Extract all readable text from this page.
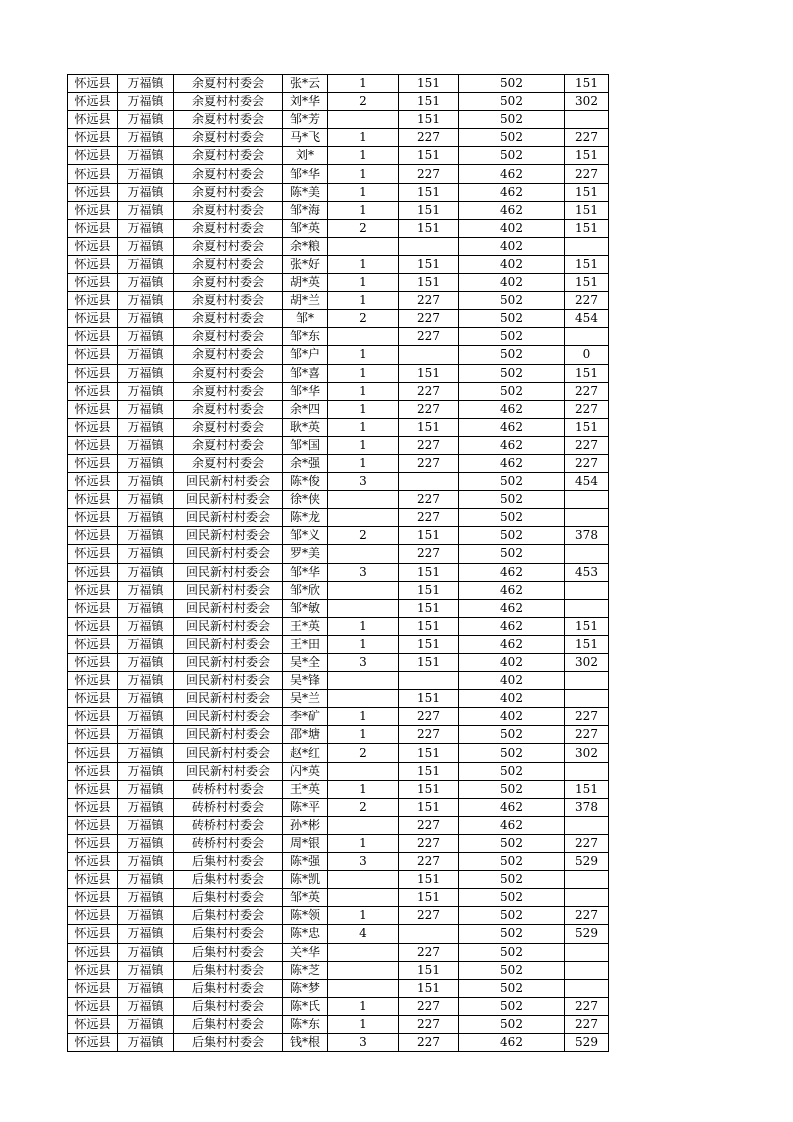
怀远县	万福镇	余夏村村委会	张*云	1	151	502	151
怀远县	万福镇	余夏村村委会	刘*华	2	151	502	302
怀远县	万福镇	余夏村村委会	邹*芳		151	502	
怀远县	万福镇	余夏村村委会	马*飞	1	227	502	227
怀远县	万福镇	余夏村村委会	刘*	1	151	502	151
怀远县	万福镇	余夏村村委会	邹*华	1	227	462	227
怀远县	万福镇	余夏村村委会	陈*美	1	151	462	151
怀远县	万福镇	余夏村村委会	邹*海	1	151	462	151
怀远县	万福镇	余夏村村委会	邹*英	2	151	402	151
怀远县	万福镇	余夏村村委会	余*粮			402	
怀远县	万福镇	余夏村村委会	张*好	1	151	402	151
怀远县	万福镇	余夏村村委会	胡*英	1	151	402	151
怀远县	万福镇	余夏村村委会	胡*兰	1	227	502	227
怀远县	万福镇	余夏村村委会	邹*	2	227	502	454
怀远县	万福镇	余夏村村委会	邹*东		227	502	
怀远县	万福镇	余夏村村委会	邹*户	1		502	0
怀远县	万福镇	余夏村村委会	邹*喜	1	151	502	151
怀远县	万福镇	余夏村村委会	邹*华	1	227	502	227
怀远县	万福镇	余夏村村委会	余*四	1	227	462	227
怀远县	万福镇	余夏村村委会	耿*英	1	151	462	151
怀远县	万福镇	余夏村村委会	邹*国	1	227	462	227
怀远县	万福镇	余夏村村委会	余*强	1	227	462	227
怀远县	万福镇	回民新村村委会	陈*俊	3		502	454
怀远县	万福镇	回民新村村委会	徐*侠		227	502	
怀远县	万福镇	回民新村村委会	陈*龙		227	502	
怀远县	万福镇	回民新村村委会	邹*义	2	151	502	378
怀远县	万福镇	回民新村村委会	罗*美		227	502	
怀远县	万福镇	回民新村村委会	邹*华	3	151	462	453
怀远县	万福镇	回民新村村委会	邹*欣		151	462	
怀远县	万福镇	回民新村村委会	邹*敏		151	462	
怀远县	万福镇	回民新村村委会	王*英	1	151	462	151
怀远县	万福镇	回民新村村委会	王*田	1	151	462	151
怀远县	万福镇	回民新村村委会	吴*全	3	151	402	302
怀远县	万福镇	回民新村村委会	吴*锋			402	
怀远县	万福镇	回民新村村委会	吴*兰		151	402	
怀远县	万福镇	回民新村村委会	李*矿	1	227	402	227
怀远县	万福镇	回民新村村委会	邵*塘	1	227	502	227
怀远县	万福镇	回民新村村委会	赵*红	2	151	502	302
怀远县	万福镇	回民新村村委会	闪*英		151	502	
怀远县	万福镇	砖桥村村委会	王*英	1	151	502	151
怀远县	万福镇	砖桥村村委会	陈*平	2	151	462	378
怀远县	万福镇	砖桥村村委会	孙*彬		227	462	
怀远县	万福镇	砖桥村村委会	周*银	1	227	502	227
怀远县	万福镇	后集村村委会	陈*强	3	227	502	529
怀远县	万福镇	后集村村委会	陈*凯		151	502	
怀远县	万福镇	后集村村委会	邹*英		151	502	
怀远县	万福镇	后集村村委会	陈*领	1	227	502	227
怀远县	万福镇	后集村村委会	陈*忠	4		502	529
怀远县	万福镇	后集村村委会	关*华		227	502	
怀远县	万福镇	后集村村委会	陈*芝		151	502	
怀远县	万福镇	后集村村委会	陈*梦		151	502	
怀远县	万福镇	后集村村委会	陈*氏	1	227	502	227
怀远县	万福镇	后集村村委会	陈*东	1	227	502	227
怀远县	万福镇	后集村村委会	钱*根	3	227	462	529
